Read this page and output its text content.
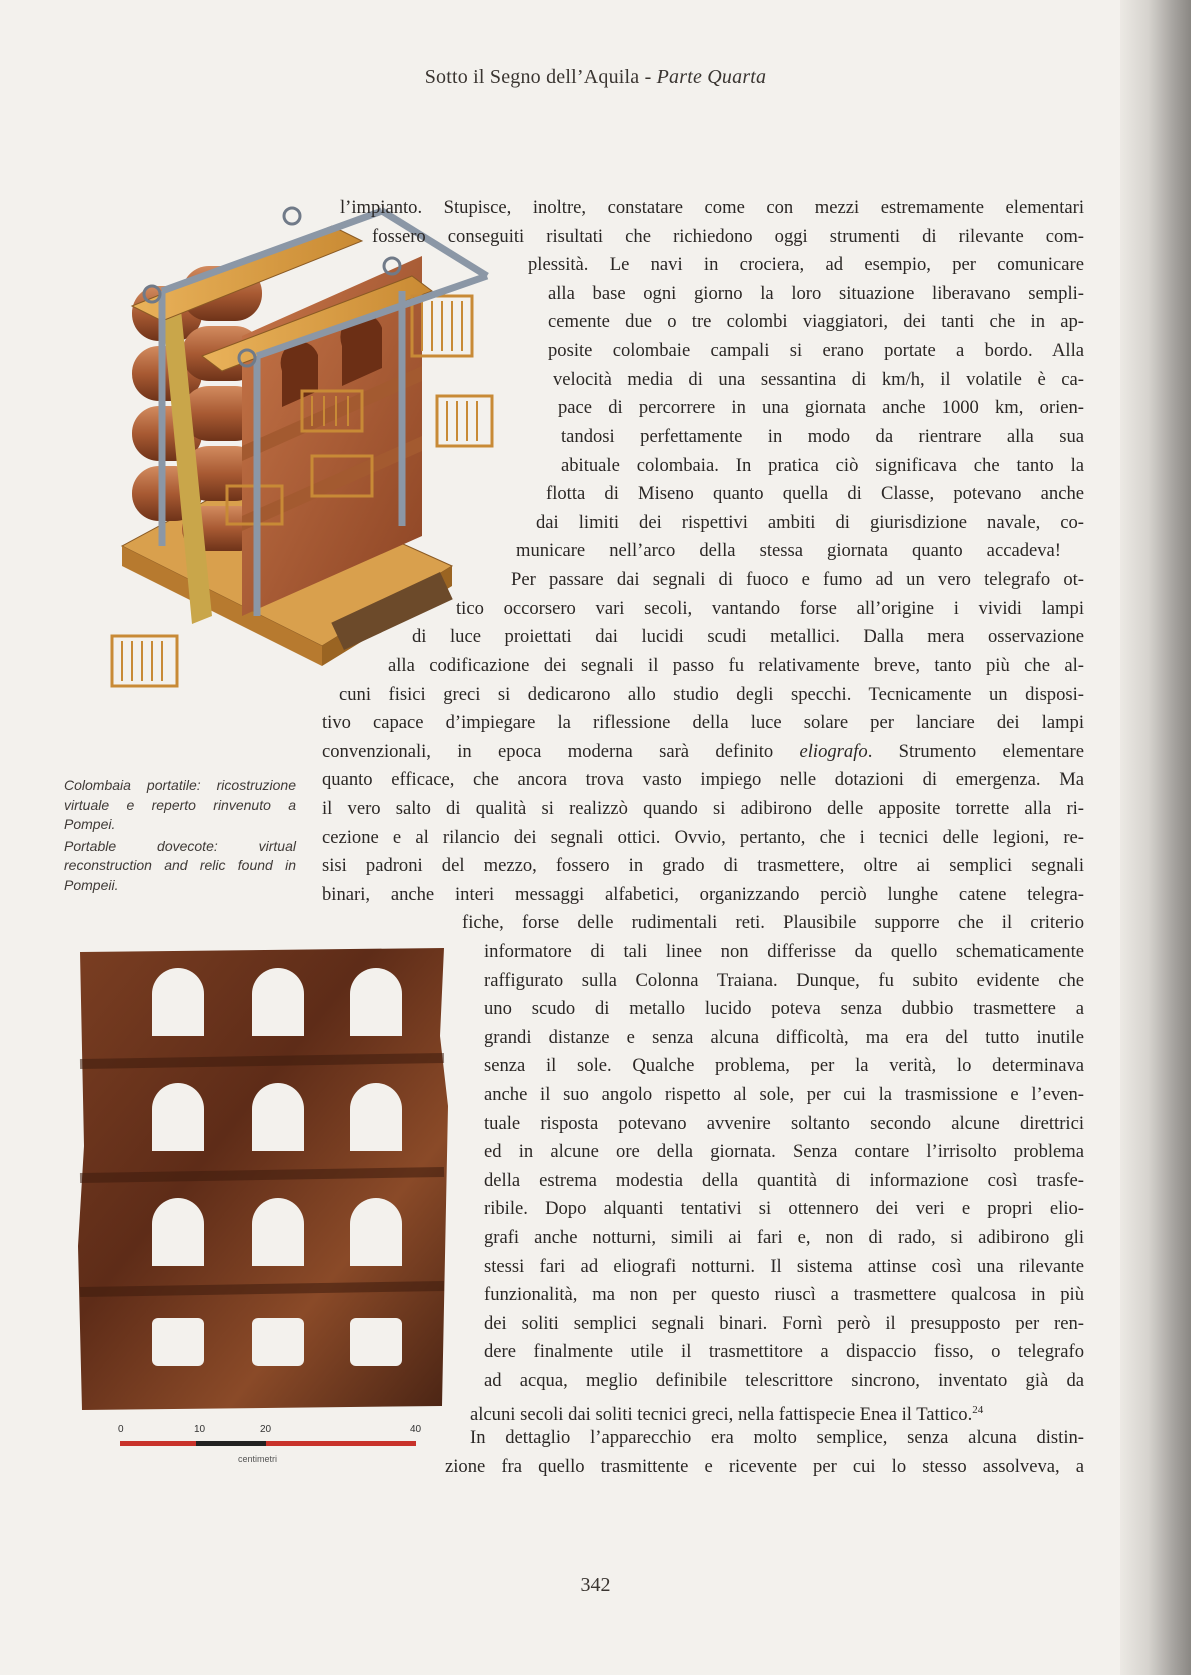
Sotto il Segno dell’Aquila - Parte Quarta
Colombaia portatile: ricostruzione virtuale e reperto rinvenuto a Pompei.
Portable dovecote: virtual reconstruction and relic found in Pompeii.
0	10	20	40
centimetri
l’impianto. Stupisce, inoltre, constatare come con mezzi estremamente elementari
fossero conseguiti risultati che richiedono oggi strumenti di rilevante com-
plessità. Le navi in crociera, ad esempio, per comunicare
alla base ogni giorno la loro situazione liberavano sempli-
cemente due o tre colombi viaggiatori, dei tanti che in ap-
posite colombaie campali si erano portate a bordo. Alla
velocità media di una sessantina di km/h, il volatile è ca-
pace di percorrere in una giornata anche 1000 km, orien-
tandosi perfettamente in modo da rientrare alla sua
abituale colombaia. In pratica ciò significava che tanto la
flotta di Miseno quanto quella di Classe, potevano anche
dai limiti dei rispettivi ambiti di giurisdizione navale, co-
municare nell’arco della stessa giornata quanto accadeva!
Per passare dai segnali di fuoco e fumo ad un vero telegrafo ot-
tico occorsero vari secoli, vantando forse all’origine i vividi lampi
di luce proiettati dai lucidi scudi metallici. Dalla mera osservazione
alla codificazione dei segnali il passo fu relativamente breve, tanto più che al-
cuni fisici greci si dedicarono allo studio degli specchi. Tecnicamente un disposi-
tivo capace d’impiegare la riflessione della luce solare per lanciare dei lampi
convenzionali, in epoca moderna sarà definito eliografo. Strumento elementare
quanto efficace, che ancora trova vasto impiego nelle dotazioni di emergenza. Ma
il vero salto di qualità si realizzò quando si adibirono delle apposite torrette alla ri-
cezione e al rilancio dei segnali ottici. Ovvio, pertanto, che i tecnici delle legioni, re-
sisi padroni del mezzo, fossero in grado di trasmettere, oltre ai semplici segnali
binari, anche interi messaggi alfabetici, organizzando perciò lunghe catene telegra-
fiche, forse delle rudimentali reti. Plausibile supporre che il criterio
informatore di tali linee non differisse da quello schematicamente
raffigurato sulla Colonna Traiana. Dunque, fu subito evidente che
uno scudo di metallo lucido poteva senza dubbio trasmettere a
grandi distanze e senza alcuna difficoltà, ma era del tutto inutile
senza il sole. Qualche problema, per la verità, lo determinava
anche il suo angolo rispetto al sole, per cui la trasmissione e l’even-
tuale risposta potevano avvenire soltanto secondo alcune direttrici
ed in alcune ore della giornata. Senza contare l’irrisolto problema
della estrema modestia della quantità di informazione così trasfe-
ribile. Dopo alquanti tentativi si ottennero dei veri e propri elio-
grafi anche notturni, simili ai fari e, non di rado, si adibirono gli
stessi fari ad eliografi notturni. Il sistema attinse così una rilevante
funzionalità, ma non per questo riuscì a trasmettere qualcosa in più
dei soliti semplici segnali binari. Fornì però il presupposto per ren-
dere finalmente utile il trasmettitore a dispaccio fisso, o telegrafo
ad acqua, meglio definibile telescrittore sincrono, inventato già da
alcuni secoli dai soliti tecnici greci, nella fattispecie Enea il Tattico.$^{24}$
In dettaglio l’apparecchio era molto semplice, senza alcuna distin-
zione fra quello trasmittente e ricevente per cui lo stesso assolveva, a
342
